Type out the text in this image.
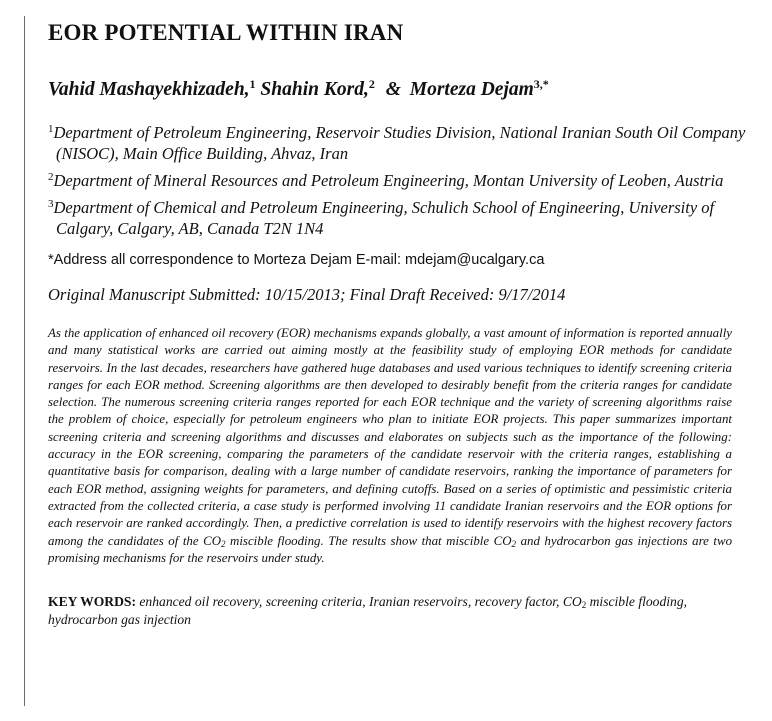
EOR POTENTIAL WITHIN IRAN
Vahid Mashayekhizadeh,$^1$ Shahin Kord,$^2$ & Morteza Dejam$^{3,*}$
$^1$Department of Petroleum Engineering, Reservoir Studies Division, National Iranian South Oil Company (NISOC), Main Office Building, Ahvaz, Iran
$^2$Department of Mineral Resources and Petroleum Engineering, Montan University of Leoben, Austria
$^3$Department of Chemical and Petroleum Engineering, Schulich School of Engineering, University of Calgary, Calgary, AB, Canada T2N 1N4
*Address all correspondence to Morteza Dejam E-mail: mdejam@ucalgary.ca
Original Manuscript Submitted: 10/15/2013; Final Draft Received: 9/17/2014
As the application of enhanced oil recovery (EOR) mechanisms expands globally, a vast amount of information is reported annually and many statistical works are carried out aiming mostly at the feasibility study of employing EOR methods for candidate reservoirs. In the last decades, researchers have gathered huge databases and used various techniques to identify screening criteria ranges for each EOR method. Screening algorithms are then developed to desirably benefit from the criteria ranges for candidate selection. The numerous screening criteria ranges reported for each EOR technique and the variety of screening algorithms raise the problem of choice, especially for petroleum engineers who plan to initiate EOR projects. This paper summarizes important screening criteria and screening algorithms and discusses and elaborates on subjects such as the importance of the following: accuracy in the EOR screening, comparing the parameters of the candidate reservoir with the criteria ranges, establishing a quantitative basis for comparison, dealing with a large number of candidate reservoirs, ranking the importance of parameters for each EOR method, assigning weights for parameters, and defining cutoffs. Based on a series of optimistic and pessimistic criteria extracted from the collected criteria, a case study is performed involving 11 candidate Iranian reservoirs and the EOR options for each reservoir are ranked accordingly. Then, a predictive correlation is used to identify reservoirs with the highest recovery factors among the candidates of the $CO_2$ miscible flooding. The results show that miscible $CO_2$ and hydrocarbon gas injections are two promising mechanisms for the reservoirs under study.
KEY WORDS: enhanced oil recovery, screening criteria, Iranian reservoirs, recovery factor, $CO_2$ miscible flooding, hydrocarbon gas injection
